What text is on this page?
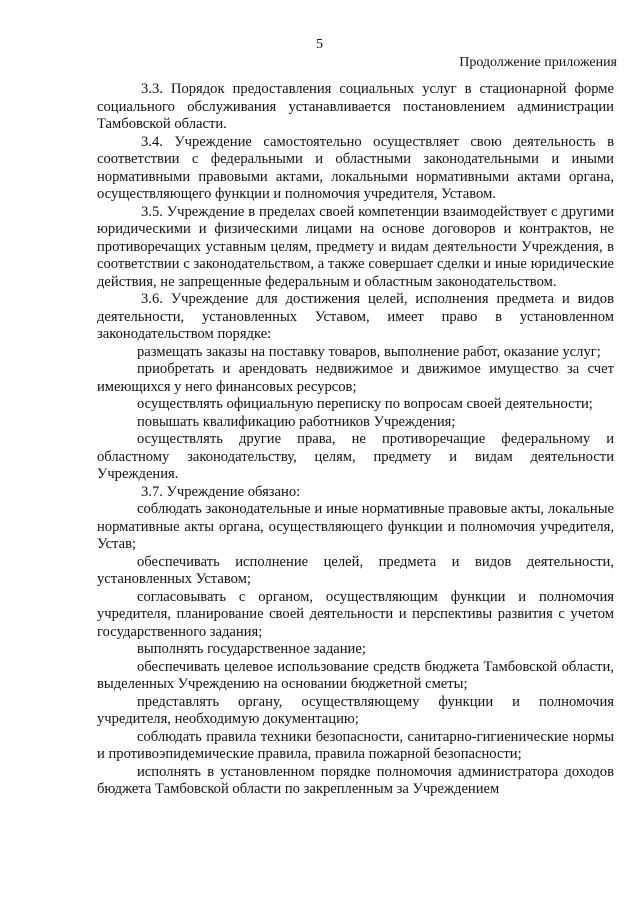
5
Продолжение приложения

3.3. Порядок предоставления социальных услуг в стационарной форме социального обслуживания устанавливается постановлением администрации Тамбовской области.

3.4. Учреждение самостоятельно осуществляет свою деятельность в соответствии с федеральными и областными законодательными и иными нормативными правовыми актами, локальными нормативными актами органа, осуществляющего функции и полномочия учредителя, Уставом.

3.5. Учреждение в пределах своей компетенции взаимодействует с другими юридическими и физическими лицами на основе договоров и контрактов, не противоречащих уставным целям, предмету и видам деятельности Учреждения, в соответствии с законодательством, а также совершает сделки и иные юридические действия, не запрещенные федеральным и областным законодательством.

3.6. Учреждение для достижения целей, исполнения предмета и видов деятельности, установленных Уставом, имеет право в установленном законодательством порядке:

размещать заказы на поставку товаров, выполнение работ, оказание услуг;

приобретать и арендовать недвижимое и движимое имущество за счет имеющихся у него финансовых ресурсов;

осуществлять официальную переписку по вопросам своей деятельности;

повышать квалификацию работников Учреждения;

осуществлять другие права, не противоречащие федеральному и областному законодательству, целям, предмету и видам деятельности Учреждения.

3.7. Учреждение обязано:

соблюдать законодательные и иные нормативные правовые акты, локальные нормативные акты органа, осуществляющего функции и полномочия учредителя, Устав;

обеспечивать исполнение целей, предмета и видов деятельности, установленных Уставом;

согласовывать с органом, осуществляющим функции и полномочия учредителя, планирование своей деятельности и перспективы развития с учетом государственного задания;

выполнять государственное задание;

обеспечивать целевое использование средств бюджета Тамбовской области, выделенных Учреждению на основании бюджетной сметы;

представлять органу, осуществляющему функции и полномочия учредителя, необходимую документацию;

соблюдать правила техники безопасности, санитарно-гигиенические нормы и противоэпидемические правила, правила пожарной безопасности;

исполнять в установленном порядке полномочия администратора доходов бюджета Тамбовской области по закрепленным за Учреждением
